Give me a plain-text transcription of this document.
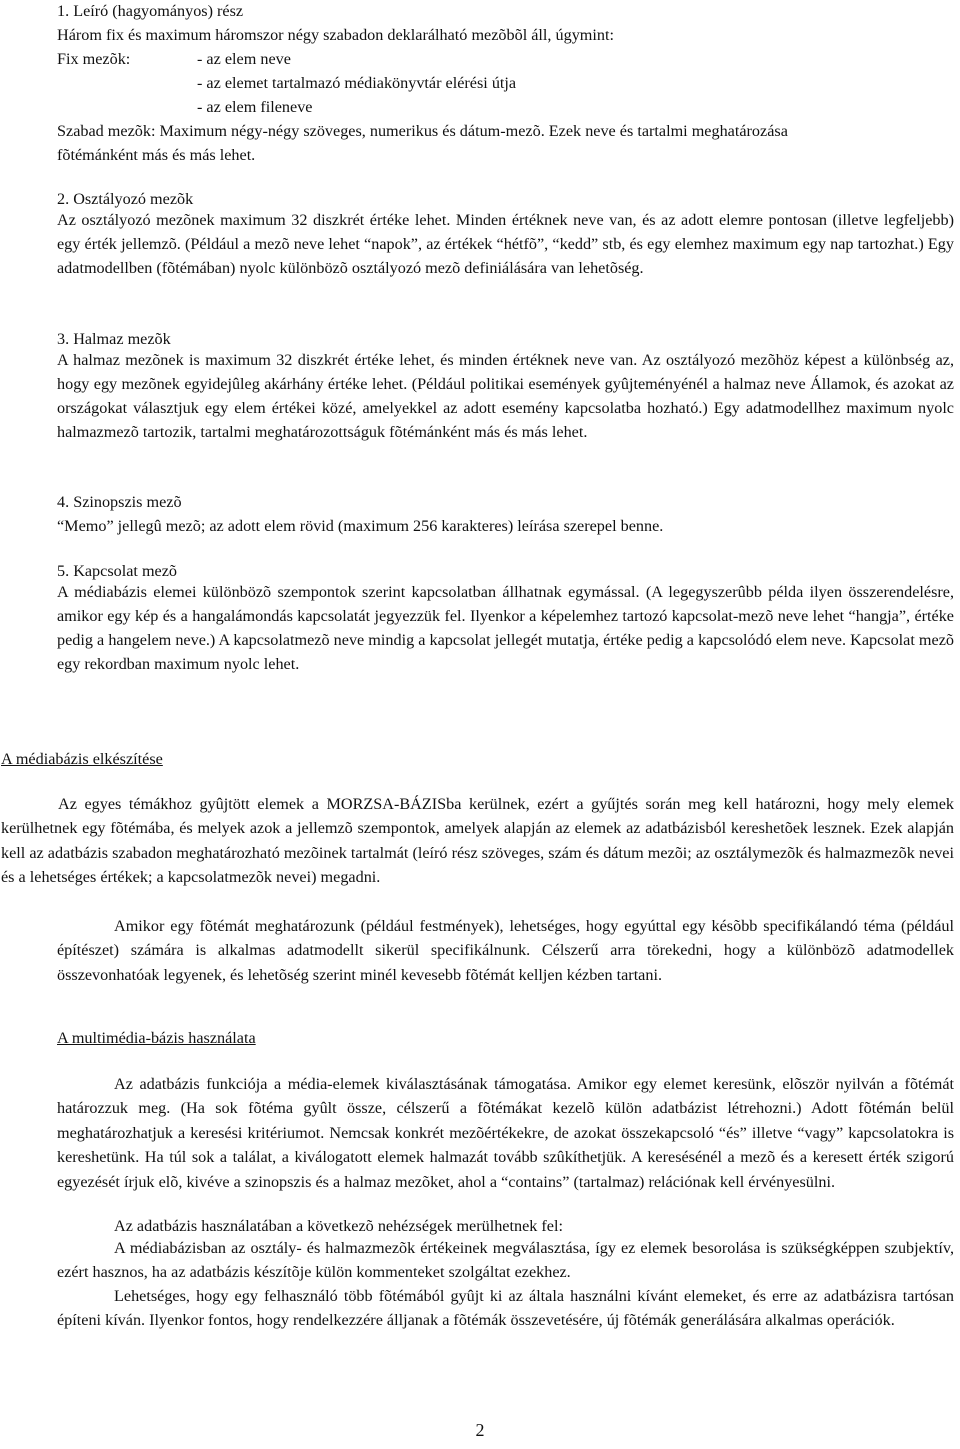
1. Leíró (hagyományos) rész
Három fix és maximum háromszor négy szabadon deklarálható mezõbõl áll, úgymint:
Fix mezõk:	- az elem neve
- az elemet tartalmazó médiakönyvtár elérési útja
- az elem fileneve
Szabad mezõk: Maximum négy-négy szöveges, numerikus és dátum-mezõ. Ezek neve és tartalmi meghatározása
fõtémánként más és más lehet.
2. Osztályozó mezõk
Az osztályozó mezõnek maximum 32 diszkrét értéke lehet. Minden értéknek neve van, és az adott elemre pontosan (illetve legfeljebb) egy érték jellemzõ. (Például a mezõ neve lehet “napok”, az értékek “hétfõ”, “kedd” stb, és egy elemhez maximum egy nap tartozhat.) Egy adatmodellben (fõtémában) nyolc különbözõ osztályozó mezõ definiálására van lehetõség.
3. Halmaz mezõk
A halmaz mezõnek is maximum 32 diszkrét értéke lehet, és minden értéknek neve van. Az osztályozó mezõhöz képest a különbség az, hogy egy mezõnek egyidejûleg akárhány értéke lehet. (Például politikai események gyûjteményénél a halmaz neve Államok, és azokat az országokat választjuk egy elem értékei közé, amelyekkel az adott esemény kapcsolatba hozható.) Egy adatmodellhez maximum nyolc halmazmezõ tartozik, tartalmi meghatározottságuk fõtémánként más és más lehet.
4. Szinopszis mezõ
“Memo” jellegû mezõ; az adott elem rövid (maximum 256 karakteres) leírása szerepel benne.
5. Kapcsolat mezõ
A médiabázis elemei különbözõ szempontok szerint kapcsolatban állhatnak egymással. (A legegyszerûbb példa ilyen összerendelésre, amikor egy kép és a hangalámondás kapcsolatát jegyezzük fel. Ilyenkor a képelemhez tartozó kapcsolat-mezõ neve lehet “hangja”, értéke pedig a hangelem neve.) A kapcsolatmezõ neve mindig a kapcsolat jellegét mutatja, értéke pedig a kapcsolódó elem neve. Kapcsolat mezõ egy rekordban maximum nyolc lehet.
A médiabázis elkészítése
Az egyes témákhoz gyûjtött elemek a MORZSA-BÁZISba kerülnek, ezért a gyűjtés során meg kell határozni, hogy mely elemek kerülhetnek egy fõtémába, és melyek azok a jellemzõ szempontok, amelyek alapján az elemek az adatbázisból kereshetõek lesznek. Ezek alapján kell az adatbázis szabadon meghatározható mezõinek tartalmát (leíró rész szöveges, szám és dátum mezõi; az osztálymezõk és halmazmezõk nevei és a lehetséges értékek; a kapcsolatmezõk nevei) megadni.
Amikor egy fõtémát meghatározunk (például festmények), lehetséges, hogy egyúttal egy késõbb specifikálandó téma (például építészet) számára is alkalmas adatmodellt sikerül specifikálnunk. Célszerű arra törekedni, hogy a különbözõ adatmodellek összevonhatóak legyenek, és lehetõség szerint minél kevesebb fõtémát kelljen kézben tartani.
A multimédia-bázis használata
Az adatbázis funkciója a média-elemek kiválasztásának támogatása. Amikor egy elemet keresünk, elõször nyilván a fõtémát határozzuk meg. (Ha sok fõtéma gyûlt össze, célszerű a fõtémákat kezelõ külön adatbázist létrehozni.) Adott fõtémán belül meghatározhatjuk a keresési kritériumot. Nemcsak konkrét mezõértékekre, de azokat összekapcsoló “és” illetve “vagy” kapcsolatokra is kereshetünk. Ha túl sok a találat, a kiválogatott elemek halmazát tovább szûkíthetjük. A keresésénél a mezõ és a keresett érték szigorú egyezését írjuk elõ, kivéve a szinopszis és a halmaz mezõket, ahol a “contains” (tartalmaz) relációnak kell érvényesülni.
Az adatbázis használatában a következõ nehézségek merülhetnek fel:
A médiabázisban az osztály- és halmazmezõk értékeinek megválasztása, így ez elemek besorolása is szükségképpen szubjektív, ezért hasznos, ha az adatbázis készítõje külön kommenteket szolgáltat ezekhez.
Lehetséges, hogy egy felhasználó több fõtémából gyûjt ki az általa használni kívánt elemeket, és erre az adatbázisra tartósan építeni kíván. Ilyenkor fontos, hogy rendelkezzére álljanak a fõtémák összevetésére, új fõtémák generálására alkalmas operációk.
2
